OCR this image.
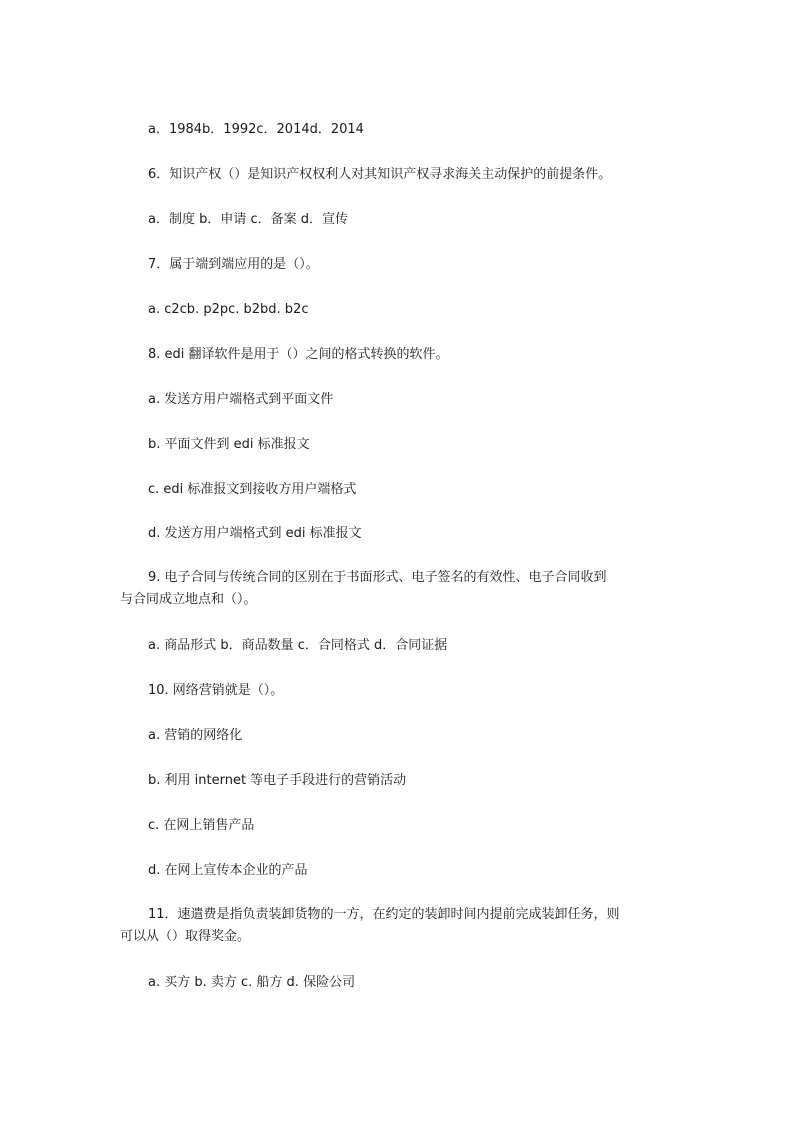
a．1984b．1992c．2014d．2014
6．知识产权（）是知识产权权利人对其知识产权寻求海关主动保护的前提条件。
a．制度 b．申请 c．备案 d．宣传
7．属于端到端应用的是（）。
a. c2cb. p2pc. b2bd. b2c
8. edi 翻译软件是用于（）之间的格式转换的软件。
a. 发送方用户端格式到平面文件
b. 平面文件到 edi 标准报文
c. edi 标准报文到接收方用户端格式
d. 发送方用户端格式到 edi 标准报文
9. 电子合同与传统合同的区别在于书面形式、电子签名的有效性、电子合同收到
与合同成立地点和（）。
a. 商品形式 b．商品数量 c．合同格式 d．合同证据
10. 网络营销就是（）。
a. 营销的网络化
b. 利用 internet 等电子手段进行的营销活动
c. 在网上销售产品
d. 在网上宣传本企业的产品
11．速遣费是指负责装卸货物的一方，在约定的装卸时间内提前完成装卸任务，则
可以从（）取得奖金。
a. 买方 b. 卖方 c. 船方 d. 保险公司
